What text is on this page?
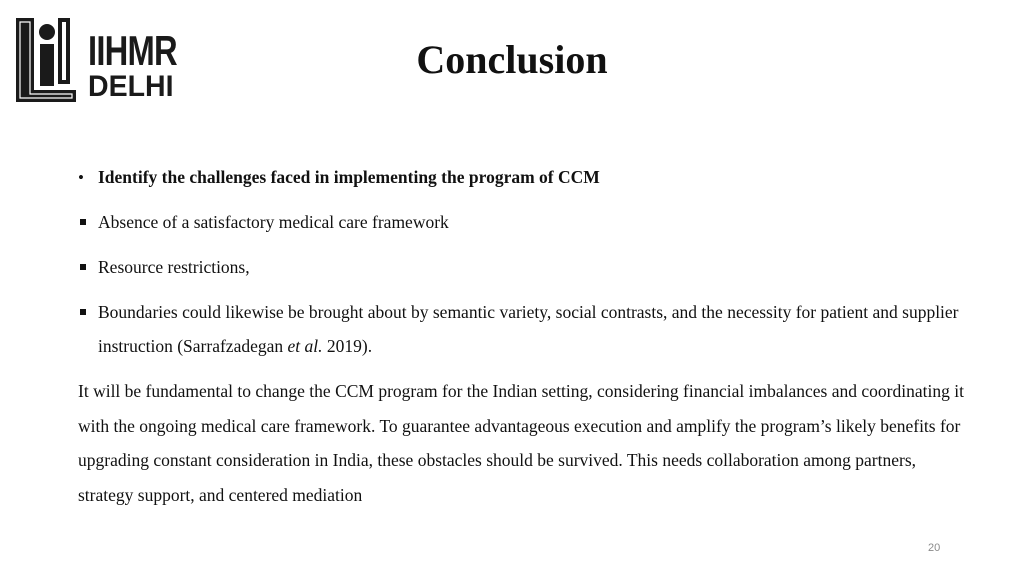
IIHMR
DELHI
Conclusion
•
Identify the challenges faced in implementing the program of CCM
Absence of a satisfactory medical care framework
Resource restrictions,
Boundaries could likewise be brought about by semantic variety, social contrasts, and the necessity for patient and supplier instruction (Sarrafzadegan et al. 2019).
It will be fundamental to change the CCM program for the Indian setting, considering financial imbalances and coordinating it with the ongoing medical care framework. To guarantee advantageous execution and amplify the program’s likely benefits for upgrading constant consideration in India, these obstacles should be survived. This needs collaboration among partners, strategy support, and centered mediation
20
